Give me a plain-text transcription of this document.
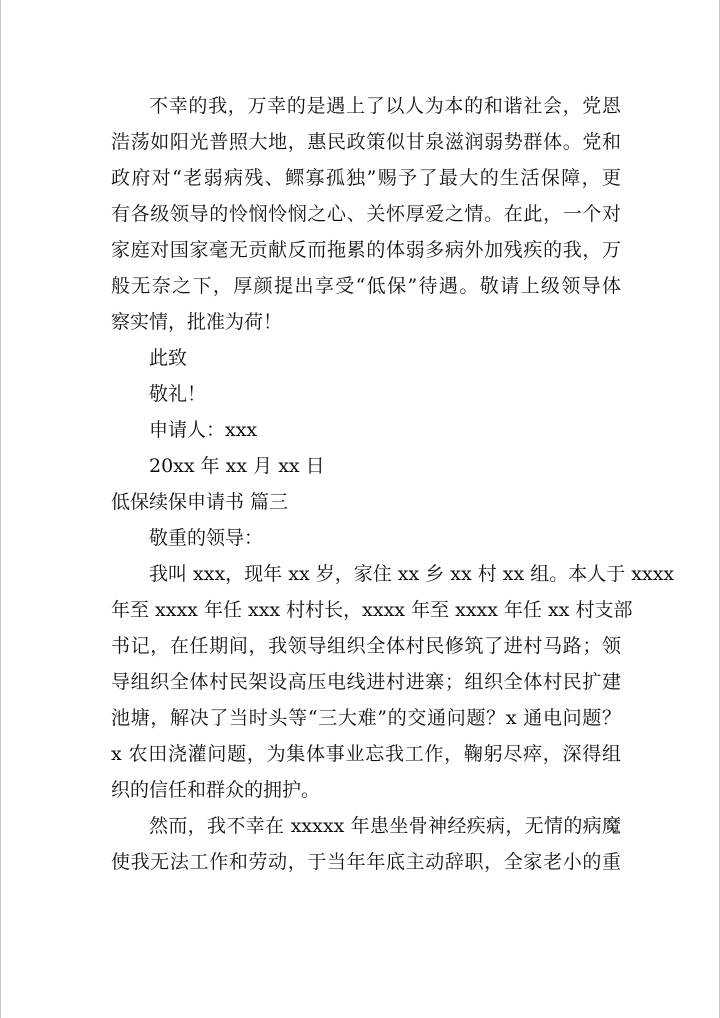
不幸的我，万幸的是遇上了以人为本的和谐社会，党恩
浩荡如阳光普照大地，惠民政策似甘泉滋润弱势群体。党和
政府对“老弱病残、鳏寡孤独”赐予了最大的生活保障，更
有各级领导的怜悯怜悯之心、关怀厚爱之情。在此，一个对
家庭对国家毫无贡献反而拖累的体弱多病外加残疾的我，万
般无奈之下，厚颜提出享受“低保”待遇。敬请上级领导体
察实情，批准为荷！
此致
敬礼！
申请人：xxx
20xx 年 xx 月 xx 日
低保续保申请书 篇三
敬重的领导：
我叫 xxx，现年 xx 岁，家住 xx 乡 xx 村 xx 组。本人于 xxxx
年至 xxxx 年任 xxx 村村长，xxxx 年至 xxxx 年任 xx 村支部
书记，在任期间，我领导组织全体村民修筑了进村马路；领
导组织全体村民架设高压电线进村进寨；组织全体村民扩建
池塘，解决了当时头等“三大难”的交通问题？x 通电问题？
x 农田浇灌问题，为集体事业忘我工作，鞠躬尽瘁，深得组
织的信任和群众的拥护。
然而，我不幸在 xxxxx 年患坐骨神经疾病，无情的病魔
使我无法工作和劳动，于当年年底主动辞职，全家老小的重
